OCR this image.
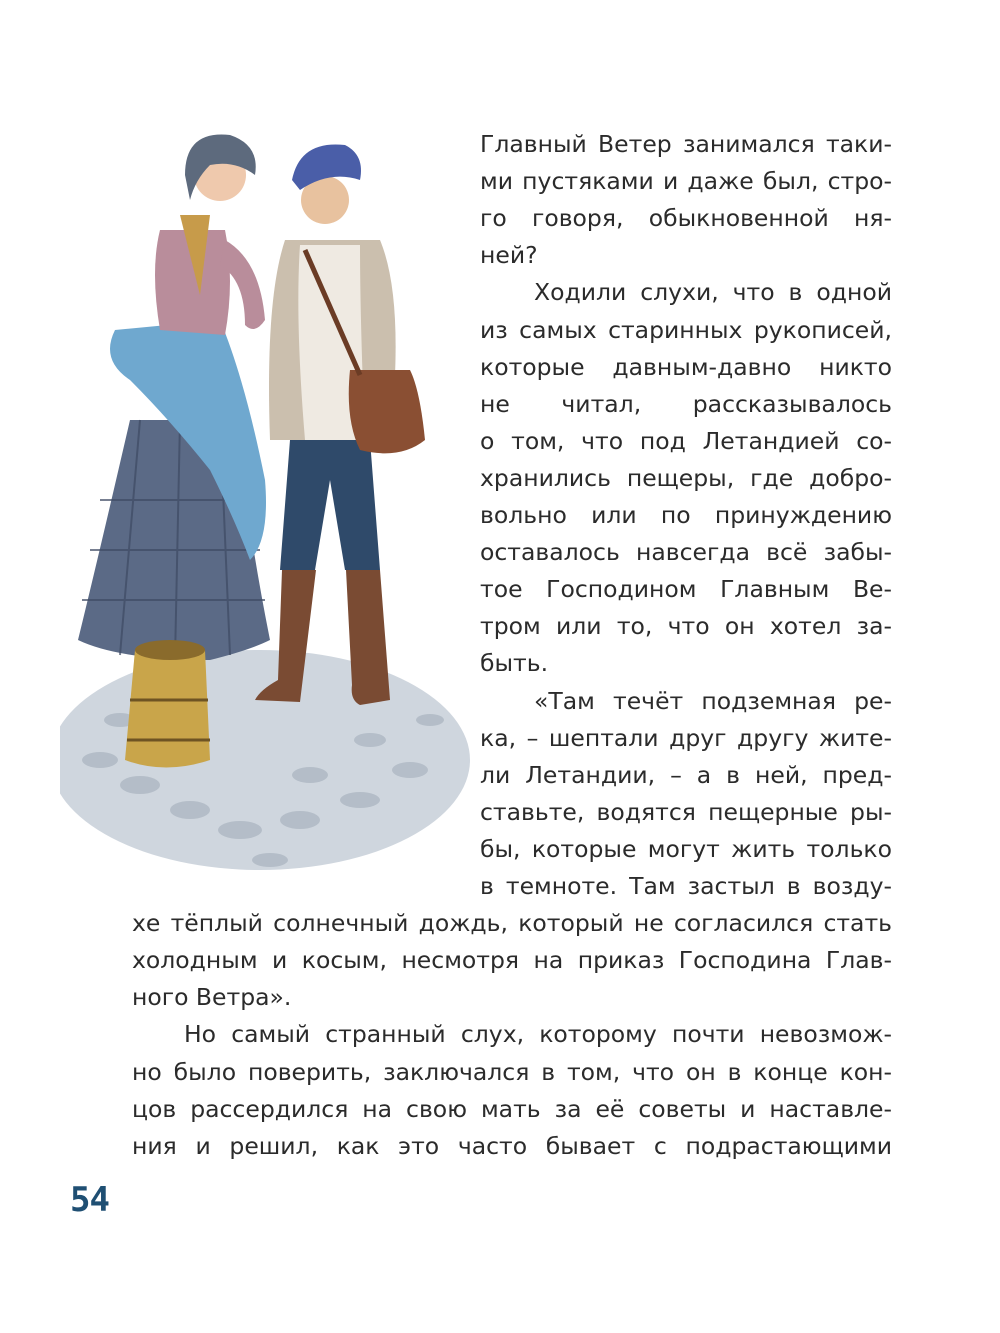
Главный Ветер занимался таки-
ми пустяками и даже был, стро-
го говоря, обыкновенной ня-
ней?
Ходили слухи, что в одной
из самых старинных рукописей,
которые давным-давно никто
не читал, рассказывалось
о том, что под Летандией со-
хранились пещеры, где добро-
вольно или по принуждению
оставалось навсегда всё забы-
тое Господином Главным Ве-
тром или то, что он хотел за-
быть.
«Там течёт подземная ре-
ка, – шептали друг другу жите-
ли Летандии, – а в ней, пред-
ставьте, водятся пещерные ры-
бы, которые могут жить только
в темноте. Там застыл в возду-
хе тёплый солнечный дождь, который не согласился стать
холодным и косым, несмотря на приказ Господина Глав-
ного Ветра».
Но самый странный слух, которому почти невозмож-
но было поверить, заключался в том, что он в конце кон-
цов рассердился на свою мать за её советы и наставле-
ния и решил, как это часто бывает с подрастающими
54
